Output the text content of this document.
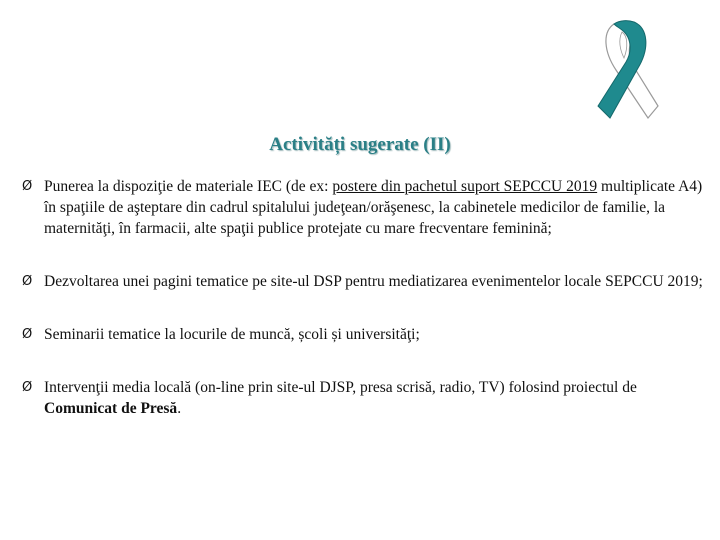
Activități sugerate (II)
Ø Punerea la dispoziţie de materiale IEC (de ex: postere din pachetul suport SEPCCU 2019 multiplicate A4) în spaţiile de aşteptare din cadrul spitalului judeţean/orăşenesc, la cabinetele medicilor de familie, la maternităţi, în farmacii, alte spaţii publice protejate cu mare frecventare feminină;
Ø Dezvoltarea unei pagini tematice pe site-ul DSP pentru mediatizarea evenimentelor locale SEPCCU 2019;
Ø Seminarii tematice la locurile de muncă, școli și universităţi;
Ø Intervenţii media locală (on-line prin site-ul DJSP, presa scrisă, radio, TV) folosind proiectul de Comunicat de Presă.
